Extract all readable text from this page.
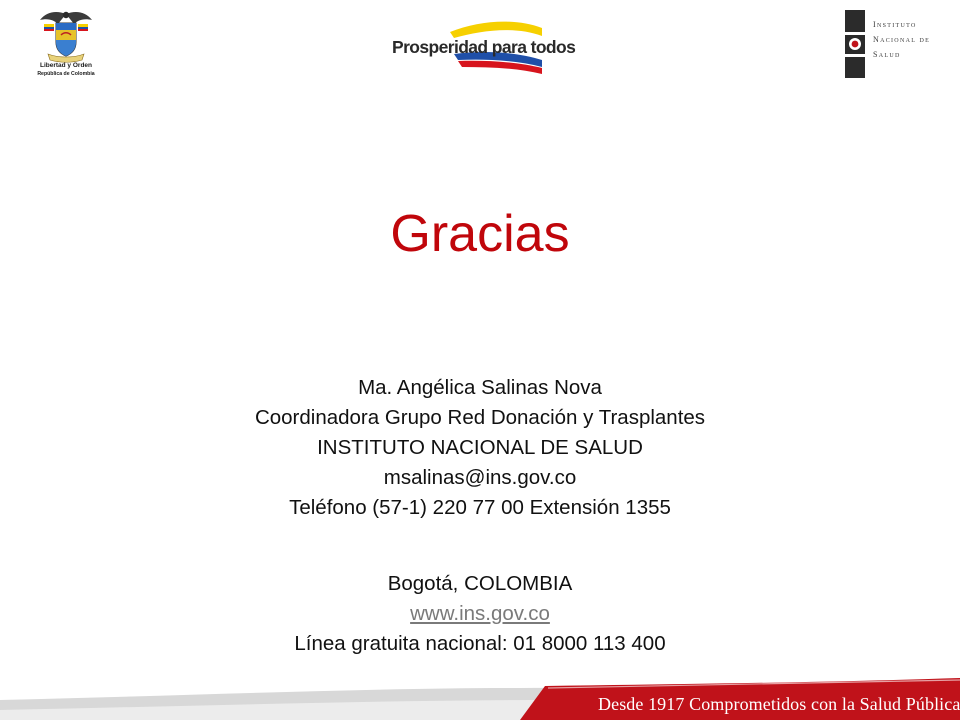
Libertad y Orden
República de Colombia
Prosperidad para todos
Instituto
Nacional de
Salud
Gracias
Ma. Angélica Salinas Nova
Coordinadora Grupo Red Donación y Trasplantes
INSTITUTO NACIONAL DE SALUD
msalinas@ins.gov.co
Teléfono (57-1) 220 77 00 Extensión 1355
Bogotá, COLOMBIA
www.ins.gov.co
Línea gratuita nacional: 01 8000 113 400
Desde 1917 Comprometidos con la Salud Pública
